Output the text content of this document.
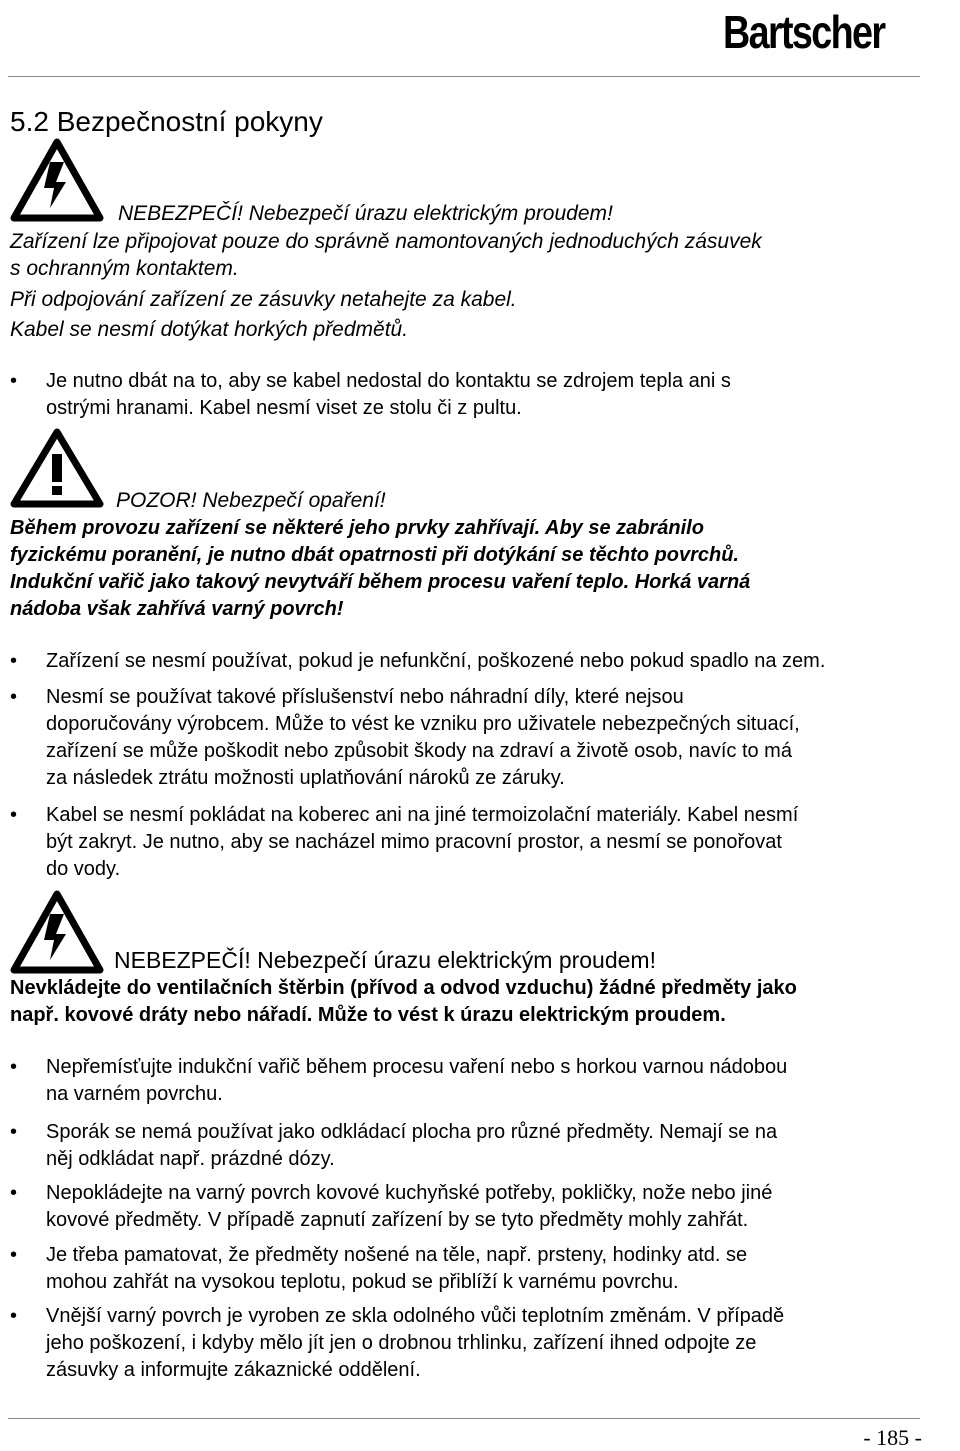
Bartscher
5.2 Bezpečnostní pokyny
NEBEZPEČÍ! Nebezpečí úrazu elektrickým proudem!
Zařízení lze připojovat pouze do správně namontovaných jednoduchých zásuvek
s ochranným kontaktem.
Při odpojování zařízení ze zásuvky netahejte za kabel.
Kabel se nesmí dotýkat horkých předmětů.
•	Je nutno dbát na to, aby se kabel nedostal do kontaktu se zdrojem tepla ani s
ostrými hranami. Kabel nesmí viset ze stolu či z pultu.
POZOR! Nebezpečí opaření!
Během provozu zařízení se některé jeho prvky zahřívají. Aby se zabránilo
fyzickému poranění, je nutno dbát opatrnosti při dotýkání se těchto povrchů.
Indukční vařič jako takový nevytváří během procesu vaření teplo. Horká varná
nádoba však zahřívá varný povrch!
•	Zařízení se nesmí používat, pokud je nefunkční, poškozené nebo pokud spadlo na zem.
•	Nesmí se používat takové příslušenství nebo náhradní díly, které nejsou
doporučovány výrobcem. Může to vést ke vzniku pro uživatele nebezpečných situací,
zařízení se může poškodit nebo způsobit škody na zdraví a životě osob, navíc to má
za následek ztrátu možnosti uplatňování nároků ze záruky.
•	Kabel se nesmí pokládat na koberec ani na jiné termoizolační materiály. Kabel nesmí
být zakryt. Je nutno, aby se nacházel mimo pracovní prostor, a nesmí se ponořovat
do vody.
NEBEZPEČÍ! Nebezpečí úrazu elektrickým proudem!
Nevkládejte do ventilačních štěrbin (přívod a odvod vzduchu) žádné předměty jako
např. kovové dráty nebo nářadí. Může to vést k úrazu elektrickým proudem.
•	Nepřemísťujte indukční vařič během procesu vaření nebo s horkou varnou nádobou
na varném povrchu.
•	Sporák se nemá používat jako odkládací plocha pro různé předměty. Nemají se na
něj odkládat např. prázdné dózy.
•	Nepokládejte na varný povrch kovové kuchyňské potřeby, pokličky, nože nebo jiné
kovové předměty. V případě zapnutí zařízení by se tyto předměty mohly zahřát.
•	Je třeba pamatovat, že předměty nošené na těle, např. prsteny, hodinky atd. se
mohou zahřát na vysokou teplotu, pokud se přiblíží k varnému povrchu.
•	Vnější varný povrch je vyroben ze skla odolného vůči teplotním změnám. V případě
jeho poškození, i kdyby mělo jít jen o drobnou trhlinku, zařízení ihned odpojte ze
zásuvky a informujte zákaznické oddělení.
- 185 -
